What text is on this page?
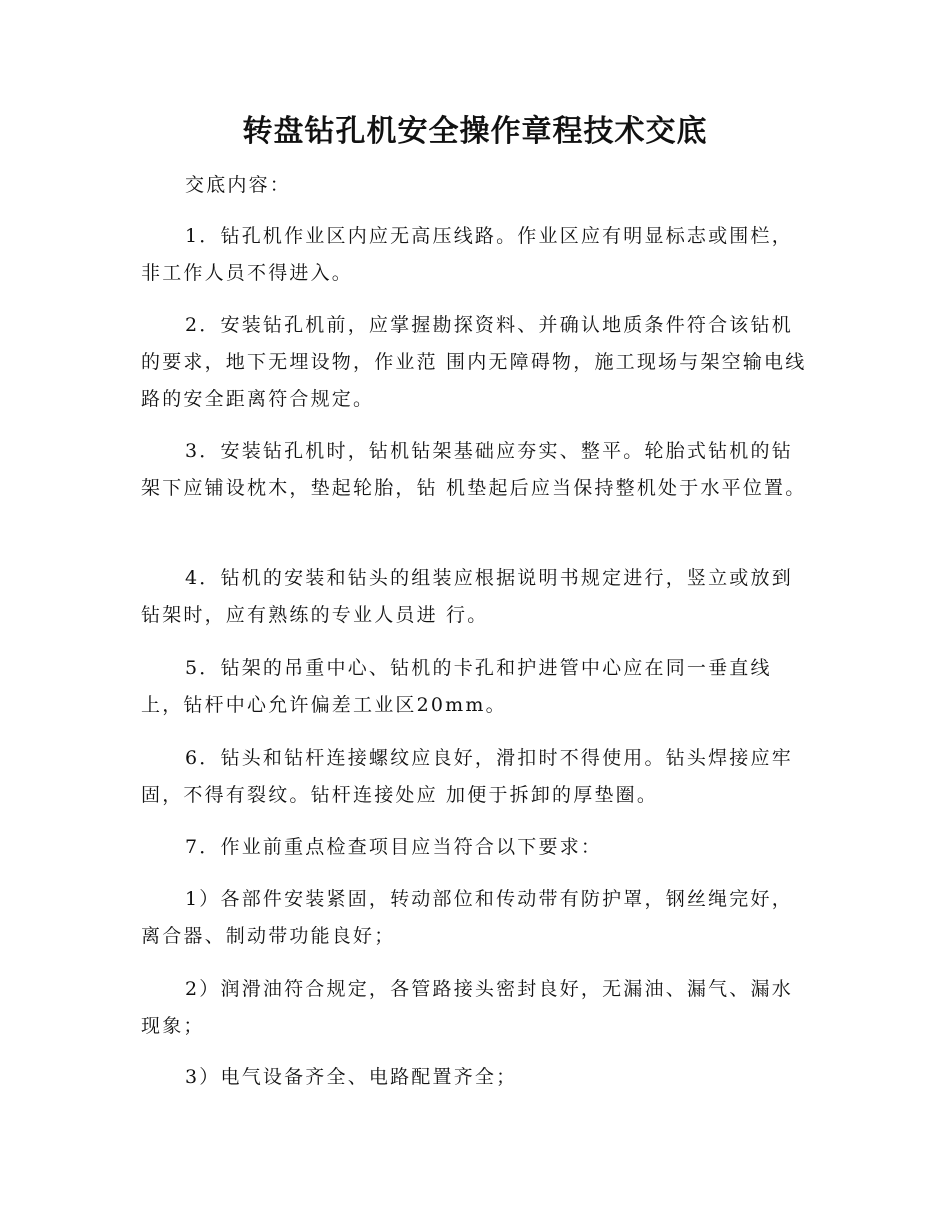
转盘钻孔机安全操作章程技术交底

交底内容：

1．钻孔机作业区内应无高压线路。作业区应有明显标志或围栏，非工作人员不得进入。

2．安装钻孔机前，应掌握勘探资料、并确认地质条件符合该钻机的要求，地下无埋设物，作业范 围内无障碍物，施工现场与架空输电线路的安全距离符合规定。

3．安装钻孔机时，钻机钻架基础应夯实、整平。轮胎式钻机的钻架下应铺设枕木，垫起轮胎，钻 机垫起后应当保持整机处于水平位置。

4．钻机的安装和钻头的组装应根据说明书规定进行，竖立或放到钻架时，应有熟练的专业人员进 行。

5．钻架的吊重中心、钻机的卡孔和护进管中心应在同一垂直线上，钻杆中心允许偏差工业区20mm。

6．钻头和钻杆连接螺纹应良好，滑扣时不得使用。钻头焊接应牢固，不得有裂纹。钻杆连接处应 加便于拆卸的厚垫圈。

7．作业前重点检查项目应当符合以下要求：

1）各部件安装紧固，转动部位和传动带有防护罩，钢丝绳完好，离合器、制动带功能良好；

2）润滑油符合规定，各管路接头密封良好，无漏油、漏气、漏水现象；

3）电气设备齐全、电路配置齐全；
